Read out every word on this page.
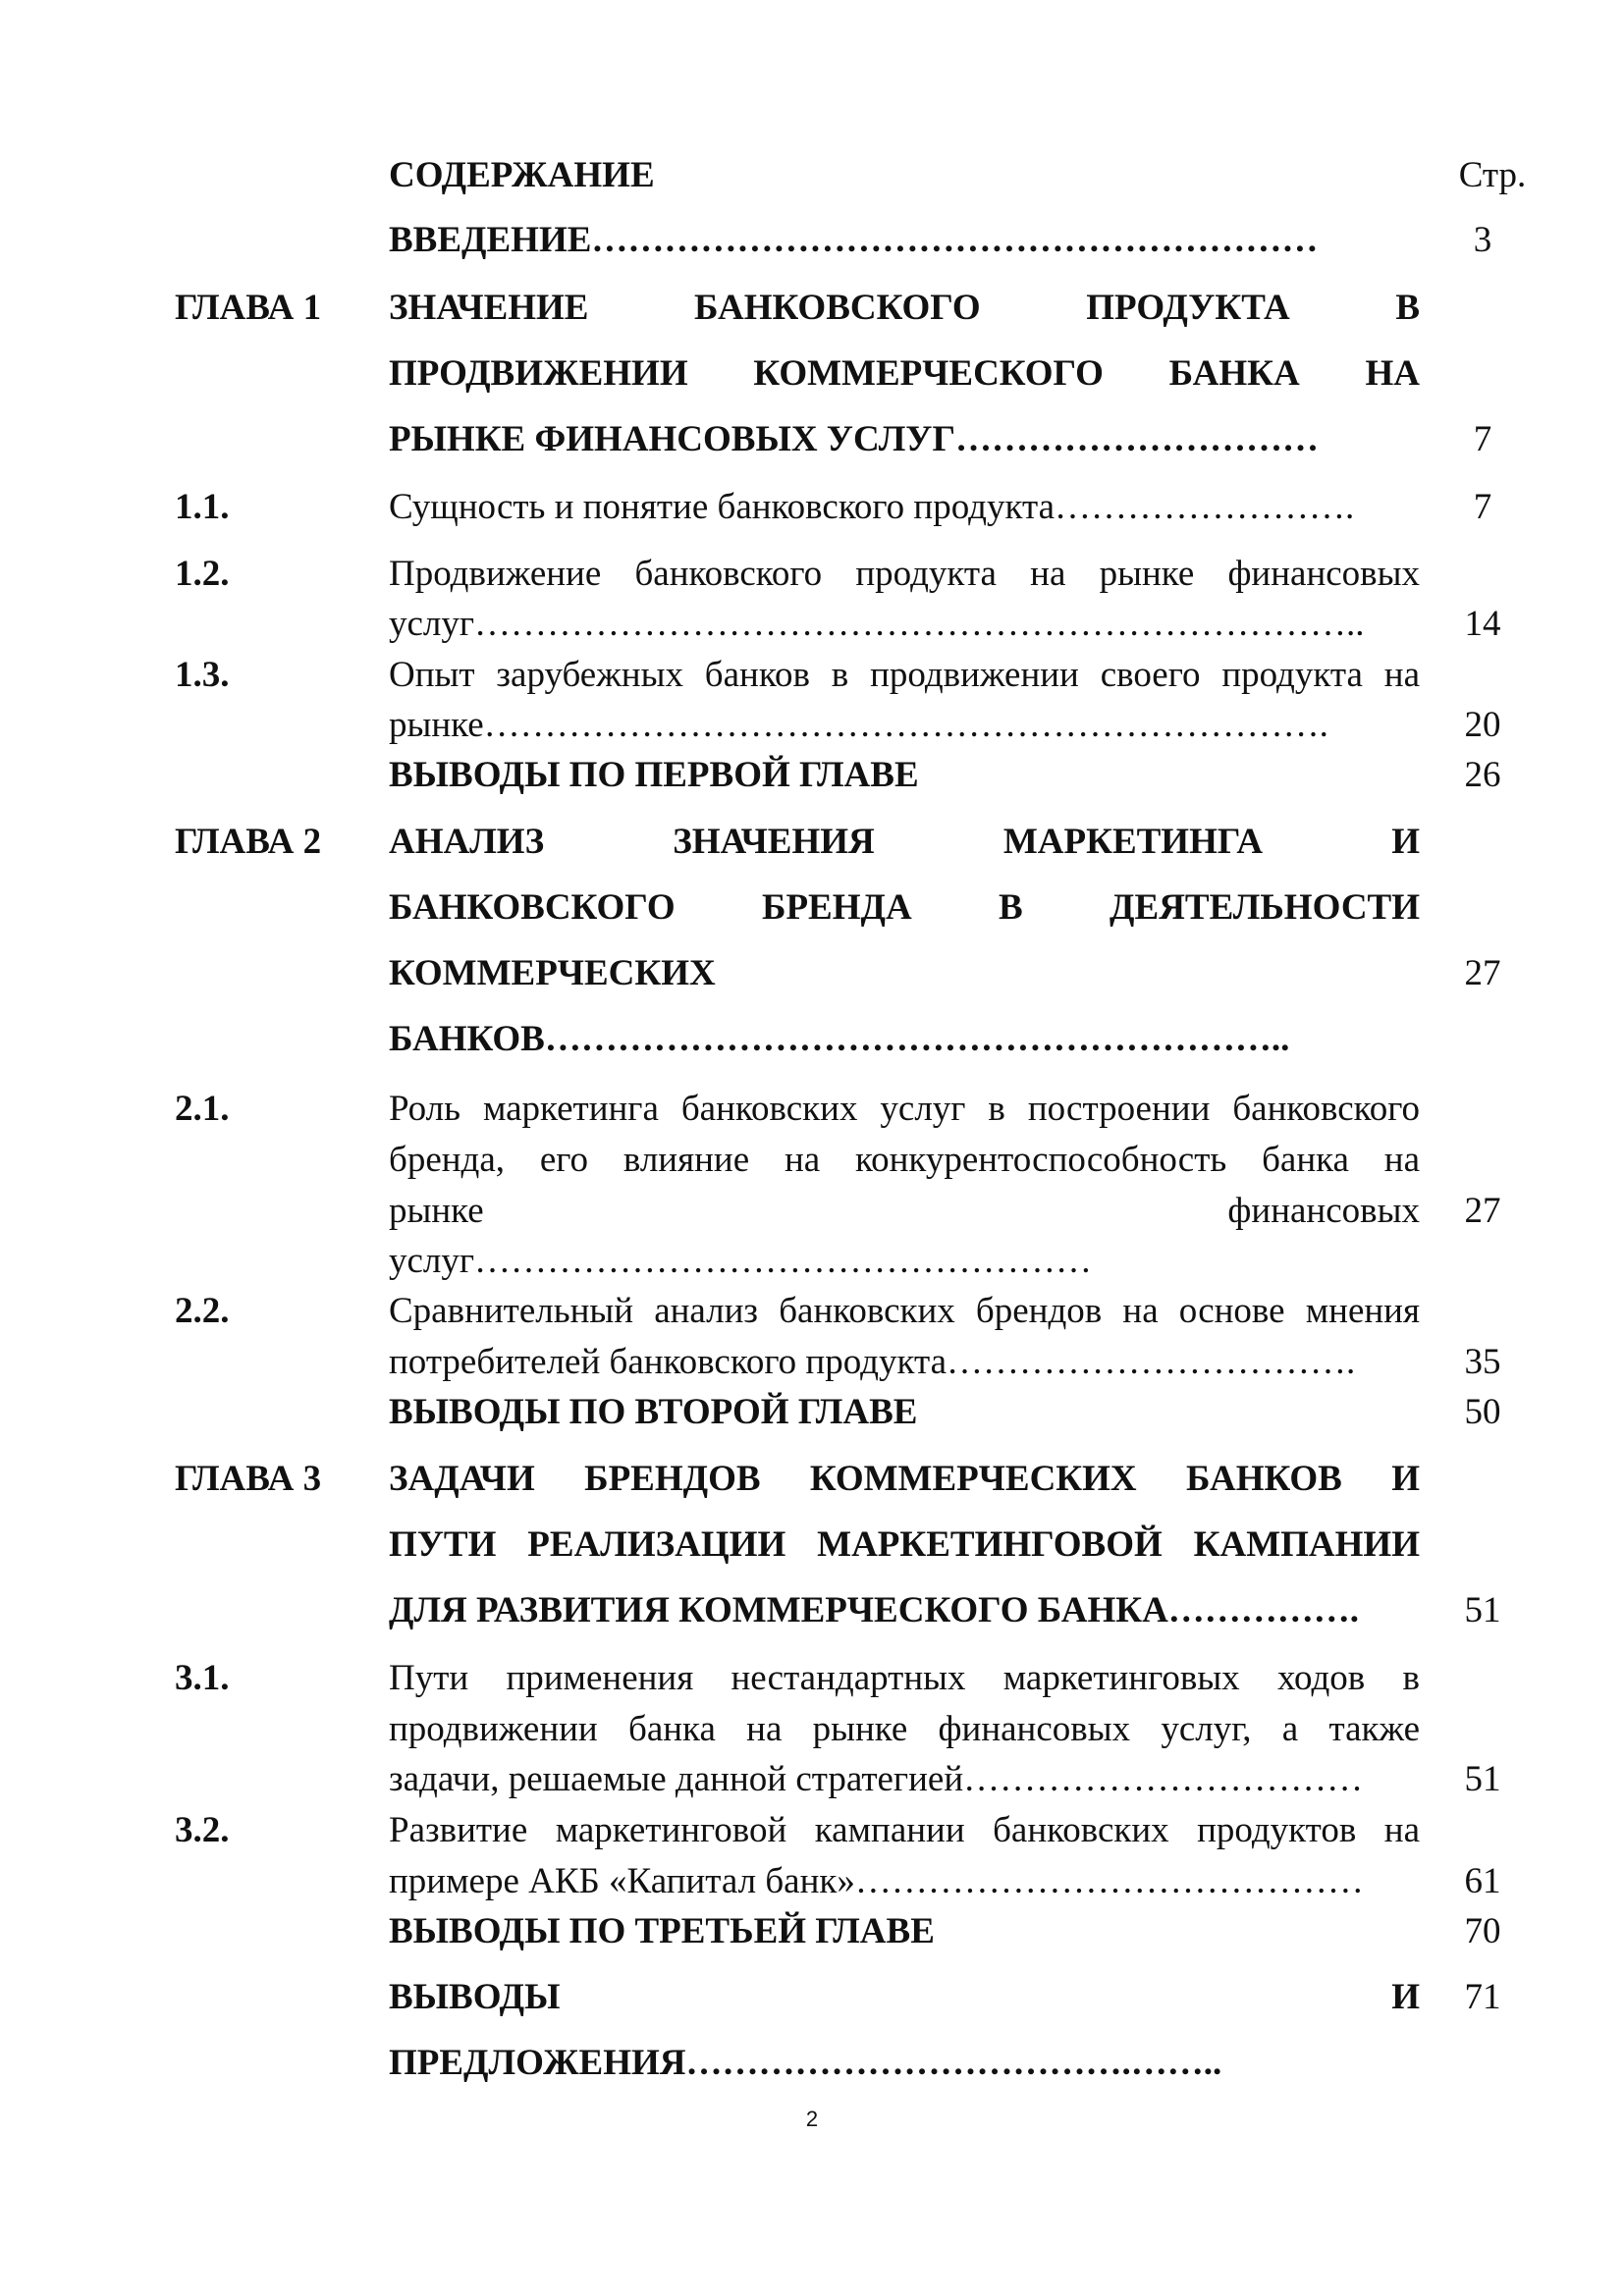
СОДЕРЖАНИЕ	Стр.
ВВЕДЕНИЕ……………………………………………………	3
ГЛАВА 1 ЗНАЧЕНИЕ БАНКОВСКОГО ПРОДУКТА В
ПРОДВИЖЕНИИ КОММЕРЧЕСКОГО БАНКА НА
РЫНКЕ ФИНАНСОВЫХ УСЛУГ…………………………	7
1.1.	Сущность и понятие банковского продукта…………………….	7
1.2.	Продвижение банковского продукта на рынке финансовых
услуг………………………………………………………………..	14
1.3.	Опыт зарубежных банков в продвижении своего продукта на
рынке…………………………………………………………….	20
ВЫВОДЫ ПО ПЕРВОЙ ГЛАВЕ	26
ГЛАВА 2 АНАЛИЗ ЗНАЧЕНИЯ МАРКЕТИНГА И
БАНКОВСКОГО БРЕНДА В ДЕЯТЕЛЬНОСТИ
КОММЕРЧЕСКИХ	27
БАНКОВ……………………………………………………..
2.1.	Роль маркетинга банковских услуг в построении банковского
бренда, его влияние на конкурентоспособность банка на
рынке финансовых	27
услуг……………………………………………
2.2.	Сравнительный анализ банковских брендов на основе мнения
потребителей банковского продукта…………………………….	35
ВЫВОДЫ ПО ВТОРОЙ ГЛАВЕ	50
ГЛАВА 3 ЗАДАЧИ БРЕНДОВ КОММЕРЧЕСКИХ БАНКОВ И
ПУТИ РЕАЛИЗАЦИИ МАРКЕТИНГОВОЙ КАМПАНИИ
ДЛЯ РАЗВИТИЯ КОММЕРЧЕСКОГО БАНКА…………….	51
3.1.	Пути применения нестандартных маркетинговых ходов в
продвижении банка на рынке финансовых услуг, а также
задачи, решаемые данной стратегией……………………………	51
3.2.	Развитие маркетинговой кампании банковских продуктов на
примере АКБ «Капитал банк»……………………………………	61
ВЫВОДЫ ПО ТРЕТЬЕЙ ГЛАВЕ	70
ВЫВОДЫ И	71
ПРЕДЛОЖЕНИЯ……………………………….……..
2
